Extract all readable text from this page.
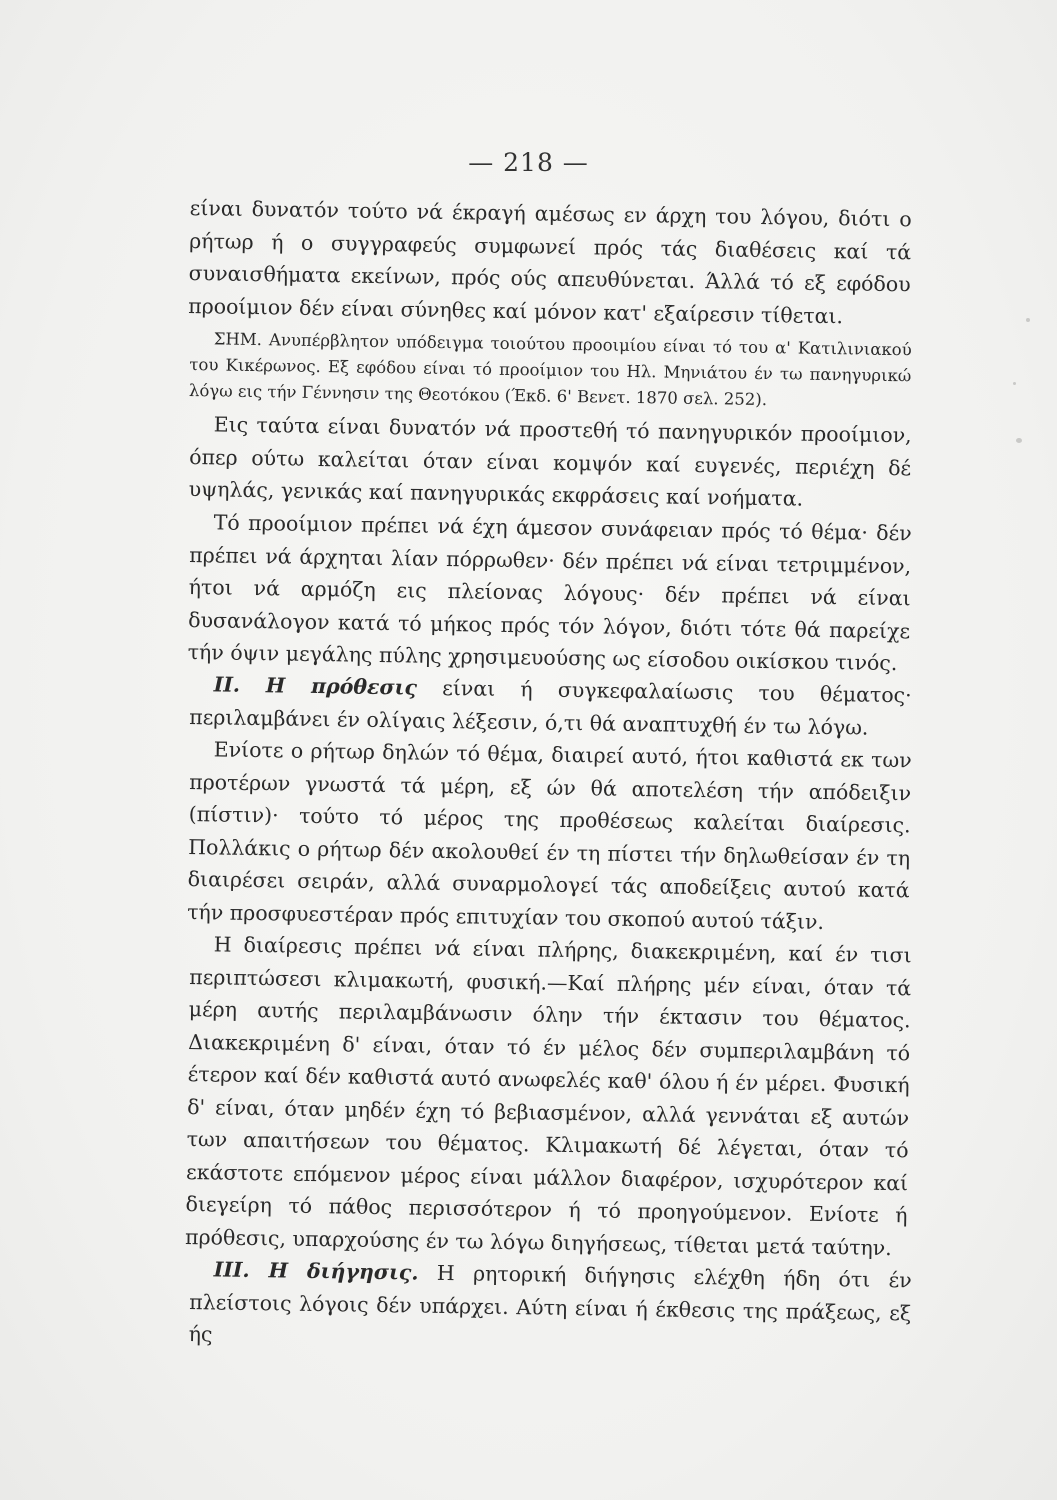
— 218 —

είναι δυνατόν τούτο νά έκραγή αμέσως εν άρχη του λόγου, διότι ο ρήτωρ ή ο συγγραφεύς συμφωνεί πρός τάς διαθέσεις καί τά συναισθήματα εκείνων, πρός ούς απευθύνεται. Άλλά τό εξ εφόδου προοίμιον δέν είναι σύνηθες καί μόνον κατ' εξαίρεσιν τίθεται.

ΣΗΜ. Ανυπέρβλητον υπόδειγμα τοιούτου προοιμίου είναι τό του α' Κατιλινιακού του Κικέρωνος. Εξ εφόδου είναι τό προοίμιον του Ηλ. Μηνιάτου έν τω πανηγυρικώ λόγω εις τήν Γέννησιν της Θεοτόκου (Έκδ. 6' Βενετ. 1870 σελ. 252).

Εις ταύτα είναι δυνατόν νά προστεθή τό πανηγυρικόν προοίμιον, όπερ ούτω καλείται όταν είναι κομψόν καί ευγενές, περιέχη δέ υψηλάς, γενικάς καί πανηγυρικάς εκφράσεις καί νοήματα.

Τό προοίμιον πρέπει νά έχη άμεσον συνάφειαν πρός τό θέμα· δέν πρέπει νά άρχηται λίαν πόρρωθεν· δέν πρέπει νά είναι τετριμμένον, ήτοι νά αρμόζη εις πλείονας λόγους· δέν πρέπει νά είναι δυσανάλογον κατά τό μήκος πρός τόν λόγον, διότι τότε θά παρείχε τήν όψιν μεγάλης πύλης χρησιμευούσης ως είσοδου οικίσκου τινός.

II. Η πρόθεσις είναι ή συγκεφαλαίωσις του θέματος· περιλαμβάνει έν ολίγαις λέξεσιν, ό,τι θά αναπτυχθή έν τω λόγω.

Ενίοτε ο ρήτωρ δηλών τό θέμα, διαιρεί αυτό, ήτοι καθιστά εκ των προτέρων γνωστά τά μέρη, εξ ών θά αποτελέση τήν απόδειξιν (πίστιν)· τούτο τό μέρος της προθέσεως καλείται διαίρεσις. Πολλάκις ο ρήτωρ δέν ακολουθεί έν τη πίστει τήν δηλωθείσαν έν τη διαιρέσει σειράν, αλλά συναρμολογεί τάς αποδείξεις αυτού κατά τήν προσφυεστέραν πρός επιτυχίαν του σκοπού αυτού τάξιν.

Η διαίρεσις πρέπει νά είναι πλήρης, διακεκριμένη, καί έν τισι περιπτώσεσι κλιμακωτή, φυσική.—Καί πλήρης μέν είναι, όταν τά μέρη αυτής περιλαμβάνωσιν όλην τήν έκτασιν του θέματος. Διακεκριμένη δ' είναι, όταν τό έν μέλος δέν συμπεριλαμβάνη τό έτερον καί δέν καθιστά αυτό ανωφελές καθ' όλου ή έν μέρει. Φυσική δ' είναι, όταν μηδέν έχη τό βεβιασμένον, αλλά γεννάται εξ αυτών των απαιτήσεων του θέματος. Κλιμακωτή δέ λέγεται, όταν τό εκάστοτε επόμενον μέρος είναι μάλλον διαφέρον, ισχυρότερον καί διεγείρη τό πάθος περισσότερον ή τό προηγούμενον. Ενίοτε ή πρόθεσις, υπαρχούσης έν τω λόγω διηγήσεως, τίθεται μετά ταύτην.

III. Η διήγησις. Η ρητορική διήγησις ελέχθη ήδη ότι έν πλείστοις λόγοις δέν υπάρχει. Αύτη είναι ή έκθεσις της πράξεως, εξ ής
